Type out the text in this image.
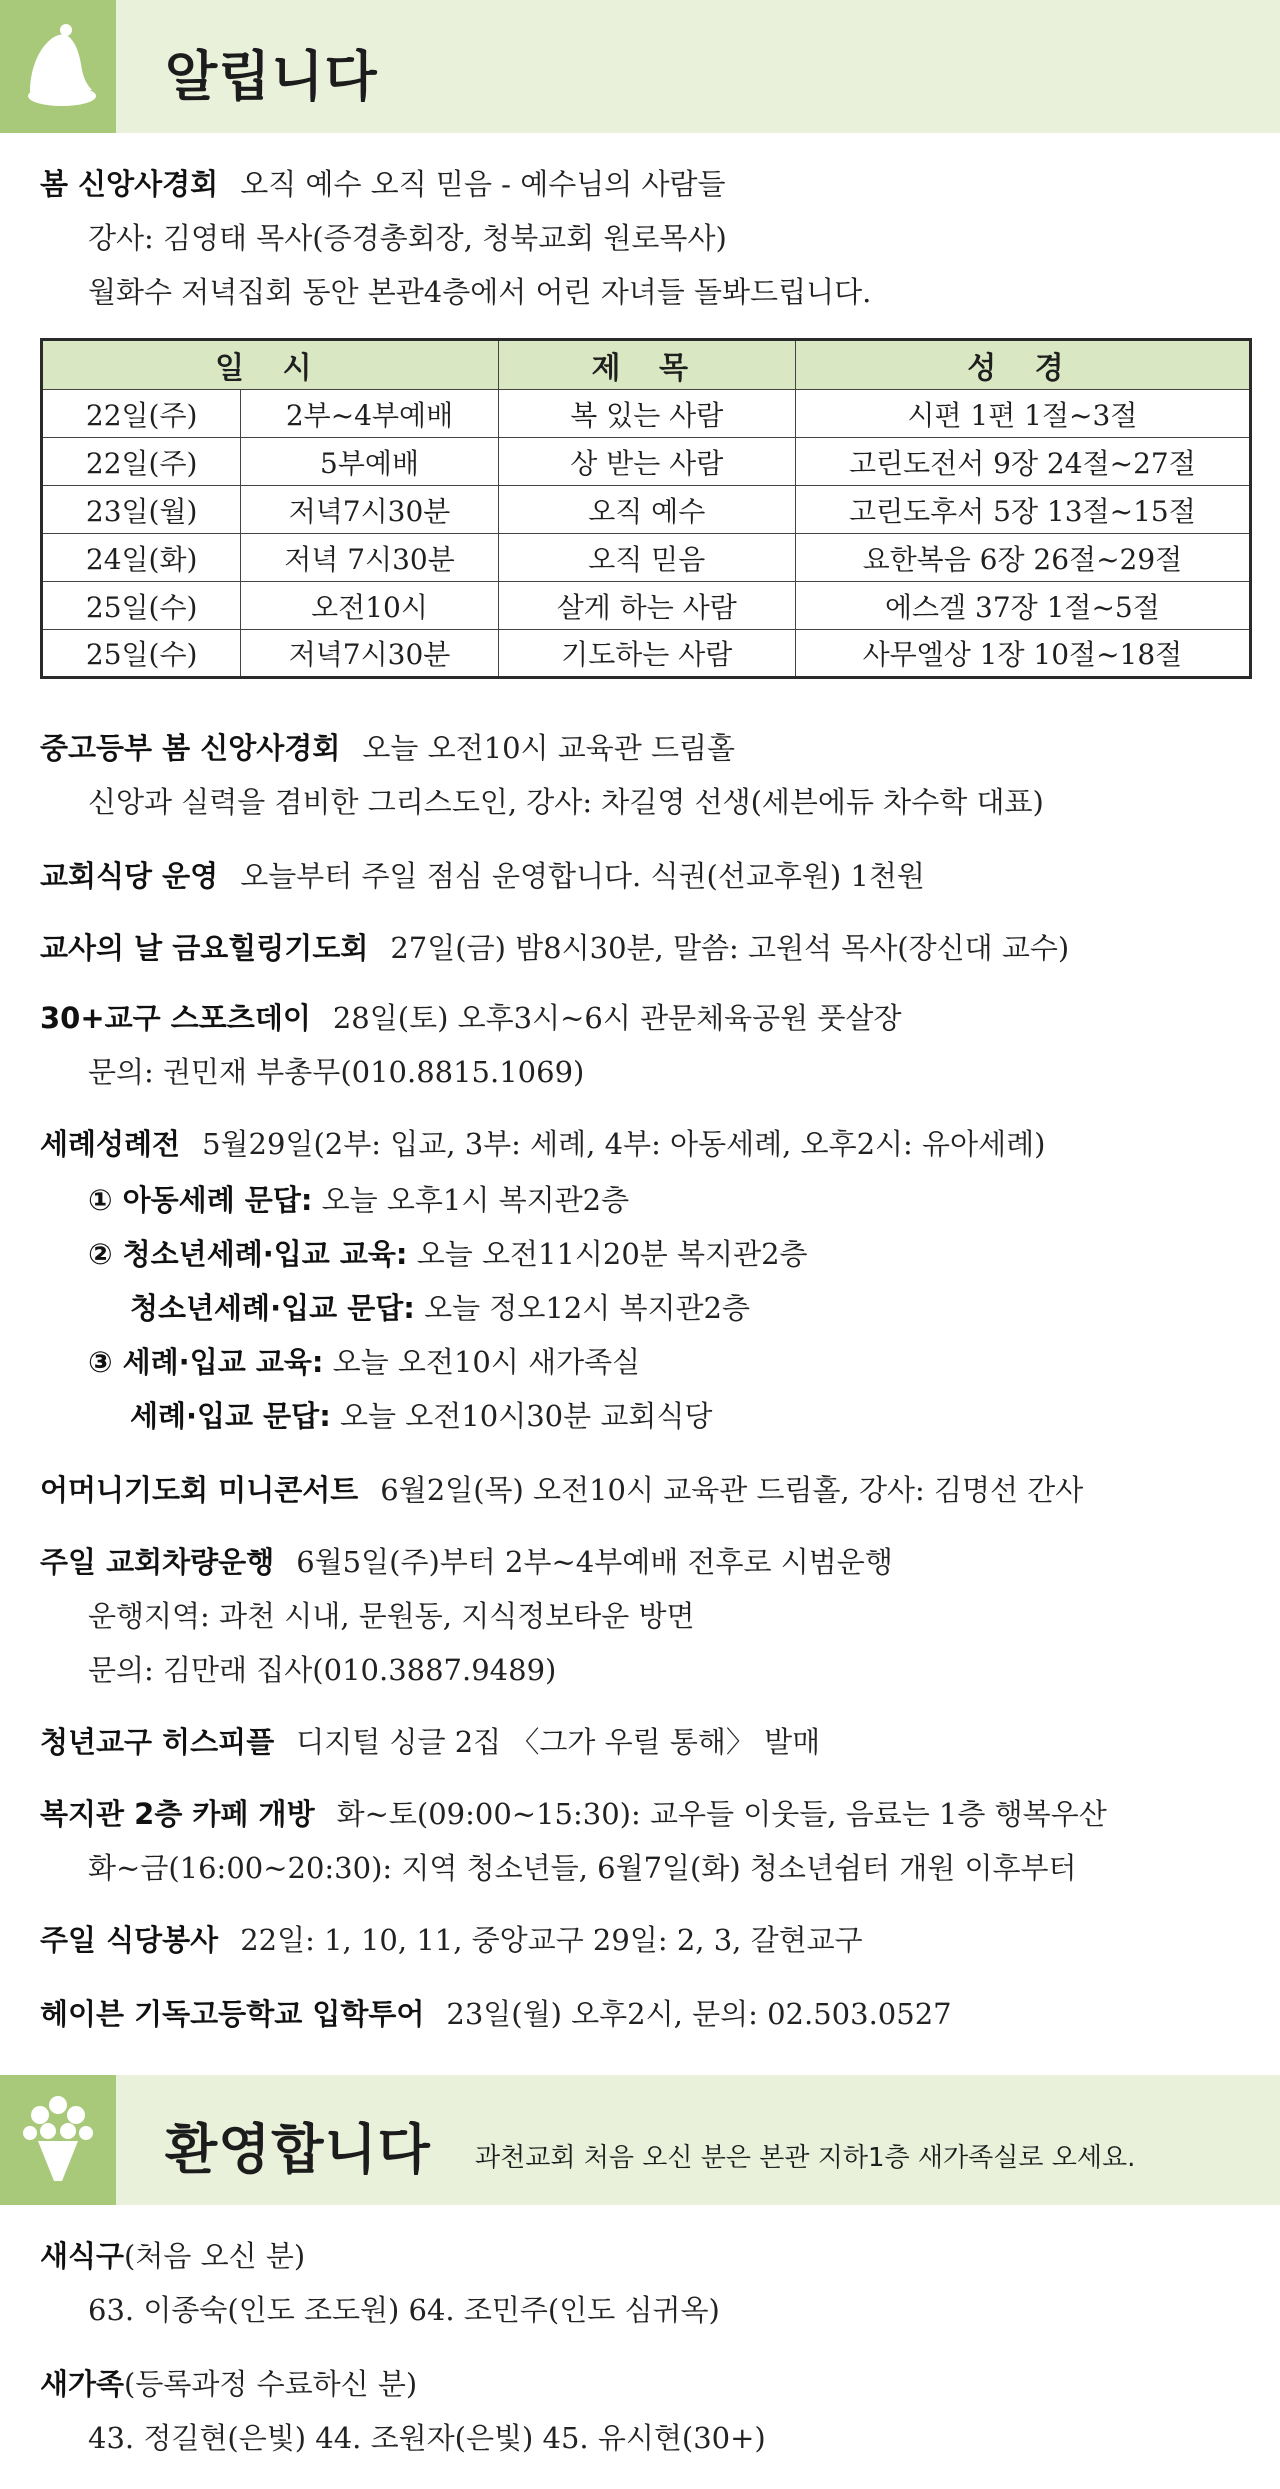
알립니다
봄 신앙사경회 오직 예수 오직 믿음 - 예수님의 사람들
강사: 김영태 목사(증경총회장, 청북교회 원로목사)
월화수 저녁집회 동안 본관4층에서 어린 자녀들 돌봐드립니다.
일 시		제 목	성 경
22일(주)	2부~4부예배	복 있는 사람	시편 1편 1절~3절
22일(주)	5부예배	상 받는 사람	고린도전서 9장 24절~27절
23일(월)	저녁7시30분	오직 예수	고린도후서 5장 13절~15절
24일(화)	저녁 7시30분	오직 믿음	요한복음 6장 26절~29절
25일(수)	오전10시	살게 하는 사람	에스겔 37장 1절~5절
25일(수)	저녁7시30분	기도하는 사람	사무엘상 1장 10절~18절
중고등부 봄 신앙사경회 오늘 오전10시 교육관 드림홀
신앙과 실력을 겸비한 그리스도인, 강사: 차길영 선생(세븐에듀 차수학 대표)
교회식당 운영 오늘부터 주일 점심 운영합니다. 식권(선교후원) 1천원
교사의 날 금요힐링기도회 27일(금) 밤8시30분, 말씀: 고원석 목사(장신대 교수)
30+교구 스포츠데이 28일(토) 오후3시~6시 관문체육공원 풋살장
문의: 권민재 부총무(010.8815.1069)
세례성례전 5월29일(2부: 입교, 3부: 세례, 4부: 아동세례, 오후2시: 유아세례)
① 아동세례 문답: 오늘 오후1시 복지관2층
② 청소년세례·입교 교육: 오늘 오전11시20분 복지관2층
청소년세례·입교 문답: 오늘 정오12시 복지관2층
③ 세례·입교 교육: 오늘 오전10시 새가족실
세례·입교 문답: 오늘 오전10시30분 교회식당
어머니기도회 미니콘서트 6월2일(목) 오전10시 교육관 드림홀, 강사: 김명선 간사
주일 교회차량운행 6월5일(주)부터 2부~4부예배 전후로 시범운행
운행지역: 과천 시내, 문원동, 지식정보타운 방면
문의: 김만래 집사(010.3887.9489)
청년교구 히스피플 디지털 싱글 2집 〈그가 우릴 통해〉 발매
복지관 2층 카페 개방 화~토(09:00~15:30): 교우들 이웃들, 음료는 1층 행복우산
화~금(16:00~20:30): 지역 청소년들, 6월7일(화) 청소년쉼터 개원 이후부터
주일 식당봉사 22일: 1, 10, 11, 중앙교구 29일: 2, 3, 갈현교구
헤이븐 기독고등학교 입학투어 23일(월) 오후2시, 문의: 02.503.0527
환영합니다 과천교회 처음 오신 분은 본관 지하1층 새가족실로 오세요.
새식구(처음 오신 분)
63. 이종숙(인도 조도원) 64. 조민주(인도 심귀옥)
새가족(등록과정 수료하신 분)
43. 정길현(은빛) 44. 조원자(은빛) 45. 유시현(30+)
